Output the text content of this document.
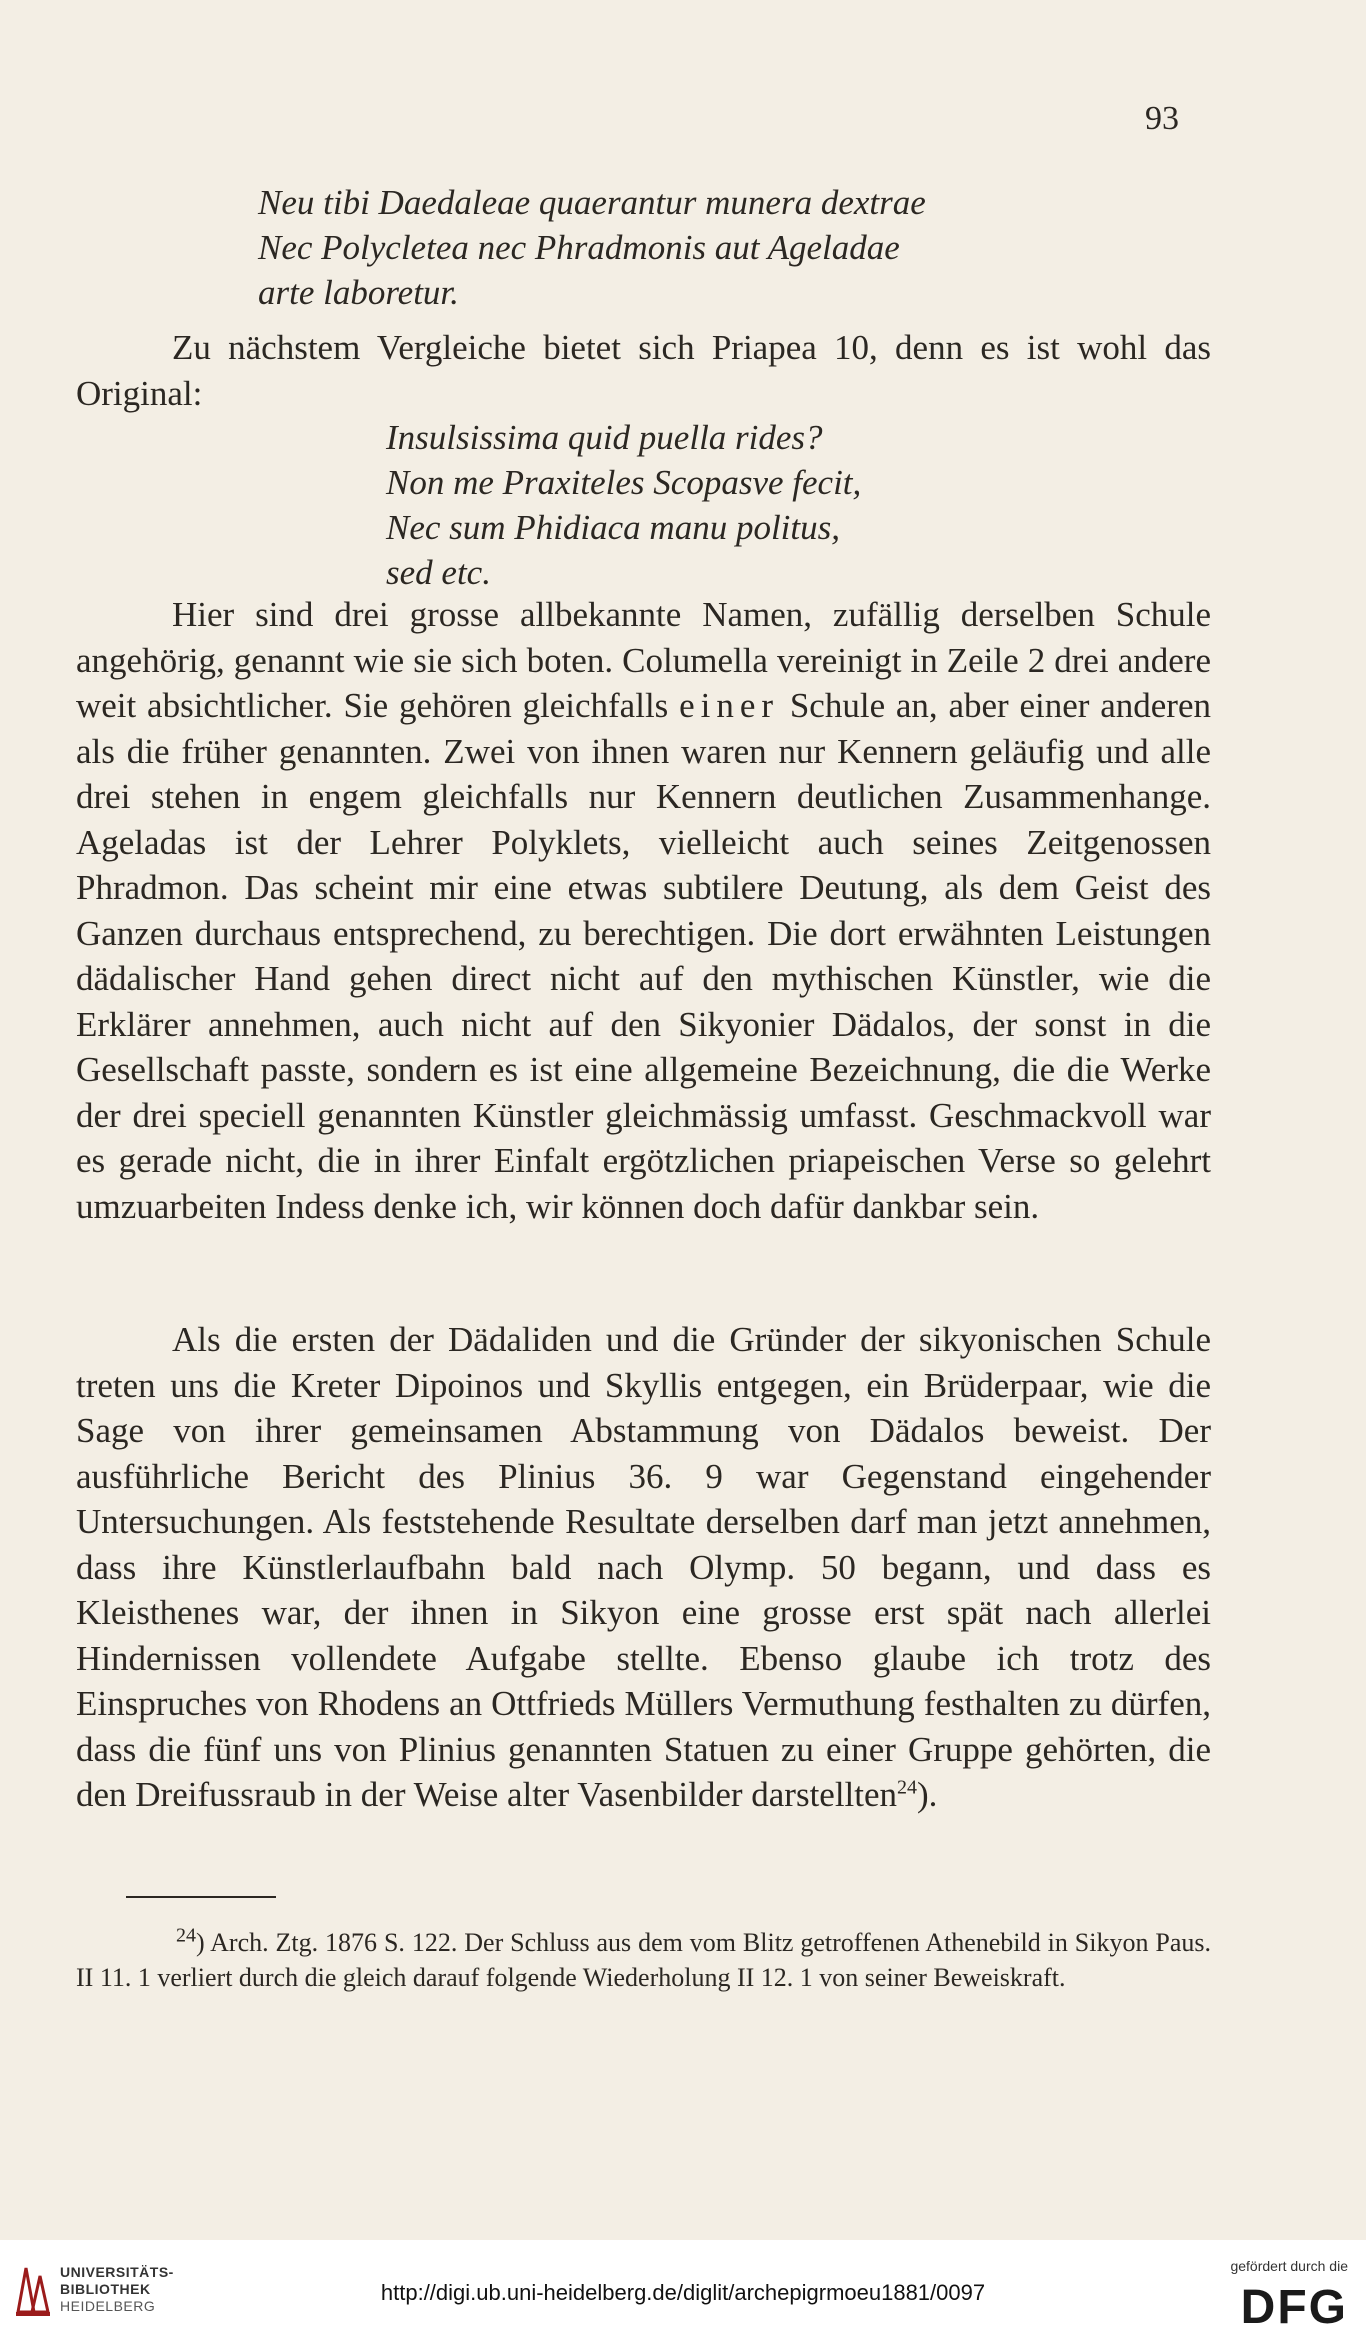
93
Neu tibi Daedaleae quaerantur munera dextrae
Nec Polycletea nec Phradmonis aut Ageladae
arte laboretur.
Zu nächstem Vergleiche bietet sich Priapea 10, denn es ist wohl das Original:
Insulsissima quid puella rides?
Non me Praxiteles Scopasve fecit,
Nec sum Phidiaca manu politus,
sed etc.
Hier sind drei grosse allbekannte Namen, zufällig derselben Schule angehörig, genannt wie sie sich boten. Columella vereinigt in Zeile 2 drei andere weit absichtlicher. Sie gehören gleichfalls einer Schule an, aber einer anderen als die früher genannten. Zwei von ihnen waren nur Kennern geläufig und alle drei stehen in engem gleichfalls nur Kennern deutlichen Zusammenhange. Ageladas ist der Lehrer Polyklets, vielleicht auch seines Zeitgenossen Phradmon. Das scheint mir eine etwas subtilere Deutung, als dem Geist des Ganzen durchaus entsprechend, zu berechtigen. Die dort erwähnten Leistungen dädalischer Hand gehen direct nicht auf den mythischen Künstler, wie die Erklärer annehmen, auch nicht auf den Sikyonier Dädalos, der sonst in die Gesellschaft passte, sondern es ist eine allgemeine Bezeichnung, die die Werke der drei speciell genannten Künstler gleichmässig umfasst. Geschmackvoll war es gerade nicht, die in ihrer Einfalt ergötzlichen priapeischen Verse so gelehrt umzuarbeiten Indess denke ich, wir können doch dafür dankbar sein.
Als die ersten der Dädaliden und die Gründer der sikyonischen Schule treten uns die Kreter Dipoinos und Skyllis entgegen, ein Brüderpaar, wie die Sage von ihrer gemeinsamen Abstammung von Dädalos beweist. Der ausführliche Bericht des Plinius 36. 9 war Gegenstand eingehender Untersuchungen. Als feststehende Resultate derselben darf man jetzt annehmen, dass ihre Künstlerlaufbahn bald nach Olymp. 50 begann, und dass es Kleisthenes war, der ihnen in Sikyon eine grosse erst spät nach allerlei Hindernissen vollendete Aufgabe stellte. Ebenso glaube ich trotz des Einspruches von Rhodens an Ottfrieds Müllers Vermuthung festhalten zu dürfen, dass die fünf uns von Plinius genannten Statuen zu einer Gruppe gehörten, die den Dreifussraub in der Weise alter Vasenbilder darstellten$^{24}$).
$^{24}$) Arch. Ztg. 1876 S. 122. Der Schluss aus dem vom Blitz getroffenen Athenebild in Sikyon Paus. II 11. 1 verliert durch die gleich darauf folgende Wiederholung II 12. 1 von seiner Beweiskraft.
UNIVERSITÄTS-
BIBLIOTHEK
HEIDELBERG
http://digi.ub.uni-heidelberg.de/diglit/archepigrmoeu1881/0097
gefördert durch die
DFG
